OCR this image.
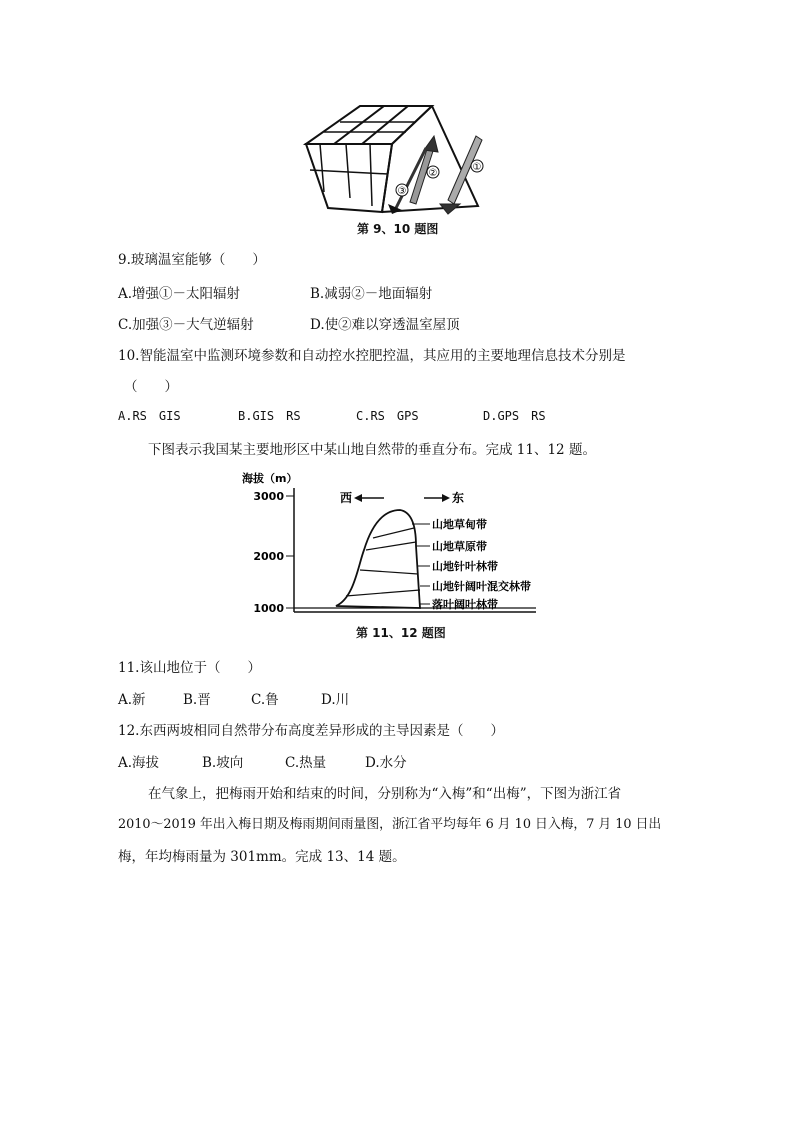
①
②
③
第 9、10 题图
9.玻璃温室能够（　　）
A.增强①－太阳辐射	B.减弱②－地面辐射
C.加强③－大气逆辐射	D.使②难以穿透温室屋顶
10.智能温室中监测环境参数和自动控水控肥控温，其应用的主要地理信息技术分别是
（　　）
A.RS　GIS	B.GIS　RS	C.RS　GPS	D.GPS　RS
下图表示我国某主要地形区中某山地自然带的垂直分布。完成 11、12 题。
海拔（m）
3000
2000
1000
西	东
山地草甸带
山地草原带
山地针叶林带
山地针阔叶混交林带
落叶阔叶林带
第 11、12 题图
11.该山地位于（　　）
A.新	B.晋	C.鲁	D.川
12.东西两坡相同自然带分布高度差异形成的主导因素是（　　）
A.海拔	B.坡向	C.热量	D.水分
在气象上，把梅雨开始和结束的时间，分别称为“入梅”和“出梅”，下图为浙江省
2010～2019 年出入梅日期及梅雨期间雨量图，浙江省平均每年 6 月 10 日入梅，7 月 10 日出
梅，年均梅雨量为 301mm。完成 13、14 题。
